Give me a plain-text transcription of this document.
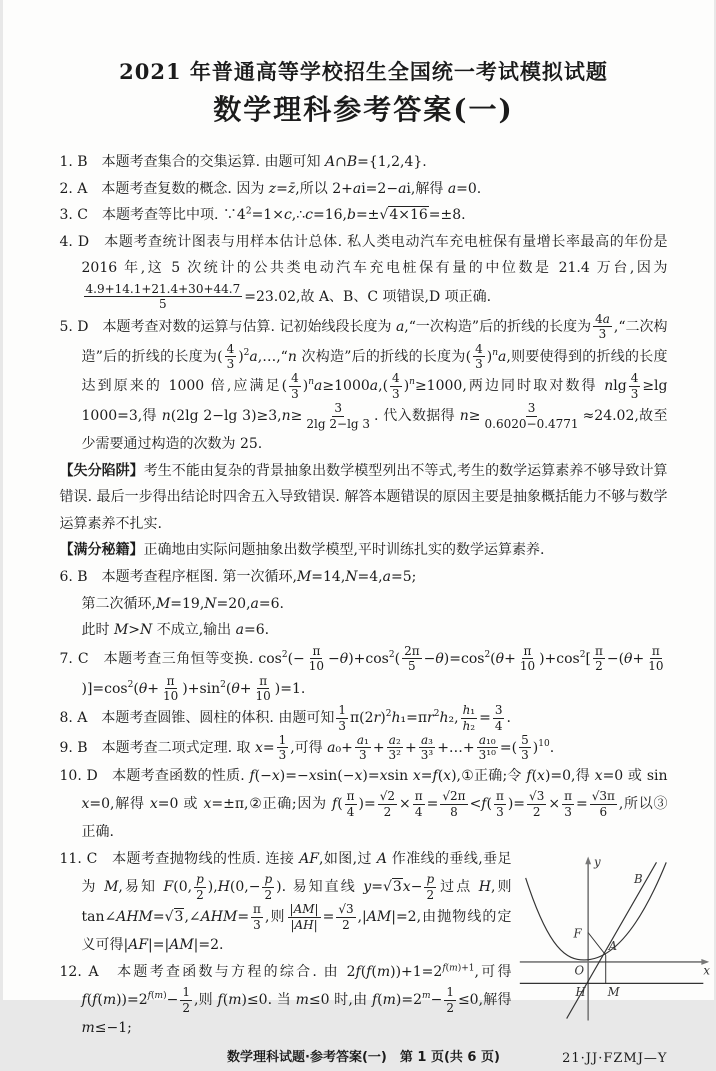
2021 年普通高等学校招生全国统一考试模拟试题
数学理科参考答案(一)
1. B　本题考查集合的交集运算. 由题可知 A∩B={1,2,4}.
2. A　本题考查复数的概念. 因为 z=z̄,所以 2+ai=2−ai,解得 a=0.
3. C　本题考查等比中项. $\because 4^2=1\times c,\therefore c=16,b=\pm√4\times 16=\pm 8$.
4. D　本题考查统计图表与用样本估计总体. 私人类电动汽车充电桩保有量增长率最高的年份是 2016 年,这 5 次统计的公共类电动汽车充电桩保有量的中位数是 21.4 万台,因为
$\frac{4.9+14.1+21.4+30+44.7}{5} =23.02$,故 A、B、C 项错误,D 项正确.
5. D　本题考查对数的运算与估算. 记初始线段长度为 a,“一次构造”后的折线的长度为 $\frac{4a}{3}$ ,“二次构造”后的折线的长度为( $\frac{4}{3}$ )$^2$a,…,“n 次构造”后的折线的长度为( $\frac{4}{3} )^na$,则要使得到的折线的长度达到原来的 1000 倍,应满足( $\frac{4}{3} )^na\ge 1000a,( \frac{4}{3} )^n\ge 1000$,两边同时取对数得 nlg $\frac{4}{3} \ge\lg$ 1000=3,得 n(2lg 2−lg $3)\ge 3,n\ge \frac{3}{2\lg 2-\lg 3}$ . 代入数据得 $n\ge \frac{3}{0.6020-0.4771} \approx 24.02$,故至少需要通过构造的次数为 25.
【失分陷阱】考生不能由复杂的背景抽象出数学模型列出不等式,考生的数学运算素养不够导致计算错误. 最后一步得出结论时四舍五入导致错误. 解答本题错误的原因主要是抽象概括能力不够与数学运算素养不扎实.
【满分秘籍】正确地由实际问题抽象出数学模型,平时训练扎实的数学运算素养.
6. B　本题考查程序框图. 第一次循环,M=14,N=4,a=5;
第二次循环,M=19,N=20,a=6.
此时 M>N 不成立,输出 a=6.
7. C　本题考查三角恒等变换. $\cos^2(- \frac{\pi}{10} -\theta)+\cos^2( \frac{2\pi}{5} -\theta)=\cos^2(\theta+ \frac{\pi}{10} )+\cos^2[ \frac{\pi}{2} -(\theta+ \frac{\pi}{10}$
)]$=\cos^2(\theta+ \frac{\pi}{10} )+\sin^2(\theta+ \frac{\pi}{10} )=1$.
8. A　本题考查圆锥、圆柱的体积. 由题可知 $\frac{1}{3} \pi(2r)^2h_1=\pi r^2h_2$, $\frac{\text{h₁}}{\text{h₂}} = \frac{3}{4}$ .
9. B　本题考查二项式定理. 取 $x= \frac{1}{3}$ ,可得 $a_0+ \frac{\text{a₁}}{3} + \frac{\text{a₂}}{\text{3²}} + \frac{\text{a₃}}{\text{3³}}$ +…+ $\frac{\text{a₁₀}}{\text{3¹⁰}}$ =( $\frac{5}{3} )^{10}$.
10. D　本题考查函数的性质. f(−x)=−xsin(−x)=xsin x=f(x),①正确;令 f(x)=0,得 x=0 或 sin x=0,解得 x=0 或 x=±π,②正确;因为 $f( \frac{\pi}{4}$ )= $\frac{√2}{2} \times \frac{\pi}{4} = \frac{√2\pi}{8} <f( \frac{\pi}{3}$ )= $\frac{√3}{2} \times \frac{\pi}{3} = \frac{√3\pi}{6}$ ,所以③正确.
11. C　本题考查抛物线的性质. 连接 AF,如图,过 A 作准线的垂线,垂足为 M,易知 F(0, $\frac{p}{2} ),H(0,- \frac{p}{2}$ ). 易知直线 $y=√3x- \frac{p}{2}$ 过点 H,则 tan∠AHM=√3,∠AHM= $\frac{\pi}{3}$ ,则 $\frac{|AM|}{|AH|} = \frac{√3}{2} ,|AM|=2$,由抛物线的定义可得|AF|=|AM|=2.
12. A　本题考查函数与方程的综合. 由 $2f(f(m))+1=2^{f(m)+1}$,可得 $f(f(m))=2^{f(m)}- \frac{1}{2}$ ,则 f(m)≤0. 当 m≤0 时,由 $f(m)=2^m- \frac{1}{2} \le 0$,解得 m≤−1;
y
x
O
F
A
B
H M
数学理科试题·参考答案(一)　第 1 页(共 6 页)	21·JJ·FZMJ—Y
